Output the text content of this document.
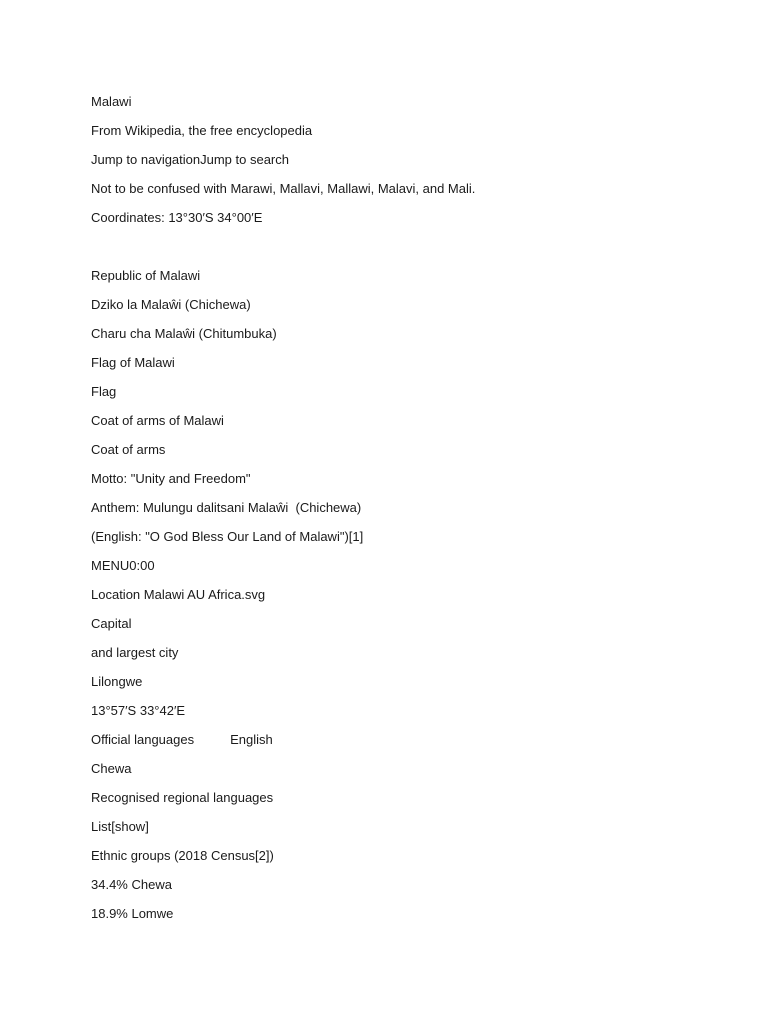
Malawi
From Wikipedia, the free encyclopedia
Jump to navigationJump to search
Not to be confused with Marawi, Mallavi, Mallawi, Malavi, and Mali.
Coordinates: 13°30′S 34°00′E
Republic of Malawi
Dziko la Malaŵi (Chichewa)
Charu cha Malaŵi (Chitumbuka)
Flag of Malawi
Flag
Coat of arms of Malawi
Coat of arms
Motto: "Unity and Freedom"
Anthem: Mulungu dalitsani Malaŵi  (Chichewa)
(English: "O God Bless Our Land of Malawi")[1]
MENU0:00
Location Malawi AU Africa.svg
Capital
and largest city
Lilongwe
13°57′S 33°42′E
Official languages	English
Chewa
Recognised regional languages
List[show]
Ethnic groups (2018 Census[2])
34.4% Chewa
18.9% Lomwe
